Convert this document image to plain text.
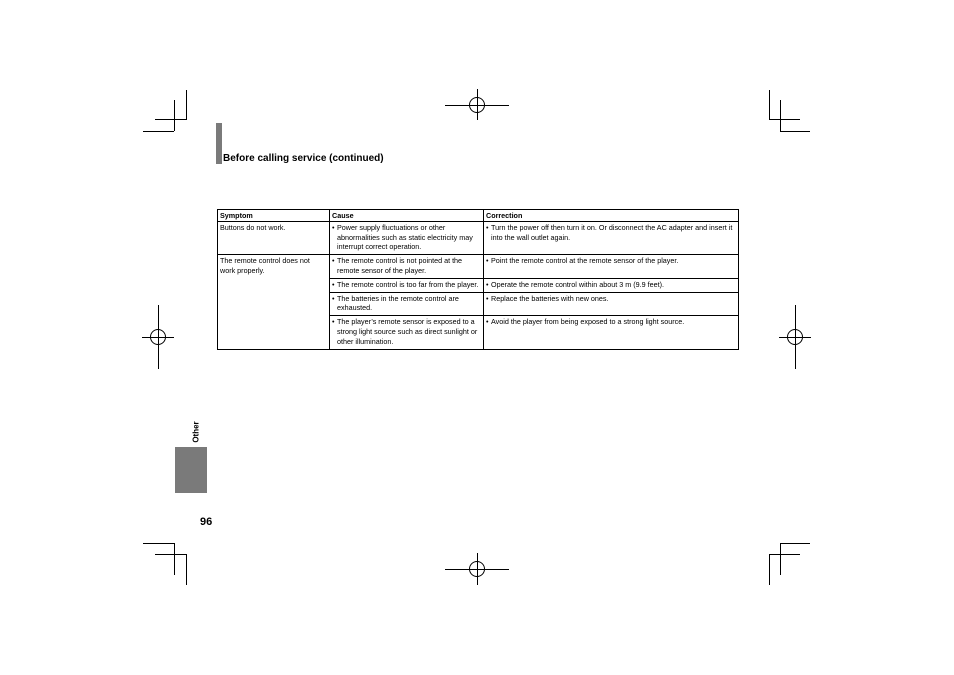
Before calling service (continued)
Symptom	Cause	Correction

Buttons do not work.	• Power supply fluctuations or other abnormalities such as static electricity may interrupt correct operation.	• Turn the power off then turn it on. Or disconnect the AC adapter and insert it into the wall outlet again.

The remote control does not work properly.	• The remote control is not pointed at the remote sensor of the player.	• Point the remote control at the remote sensor of the player.

	• The remote control is too far from the player.	• Operate the remote control within about 3 m (9.9 feet).

	• The batteries in the remote control are exhausted.	• Replace the batteries with new ones.

	• The player’s remote sensor is exposed to a strong light source such as direct sunlight or other illumination.	• Avoid the player from being exposed to a strong light source.
Other
96
